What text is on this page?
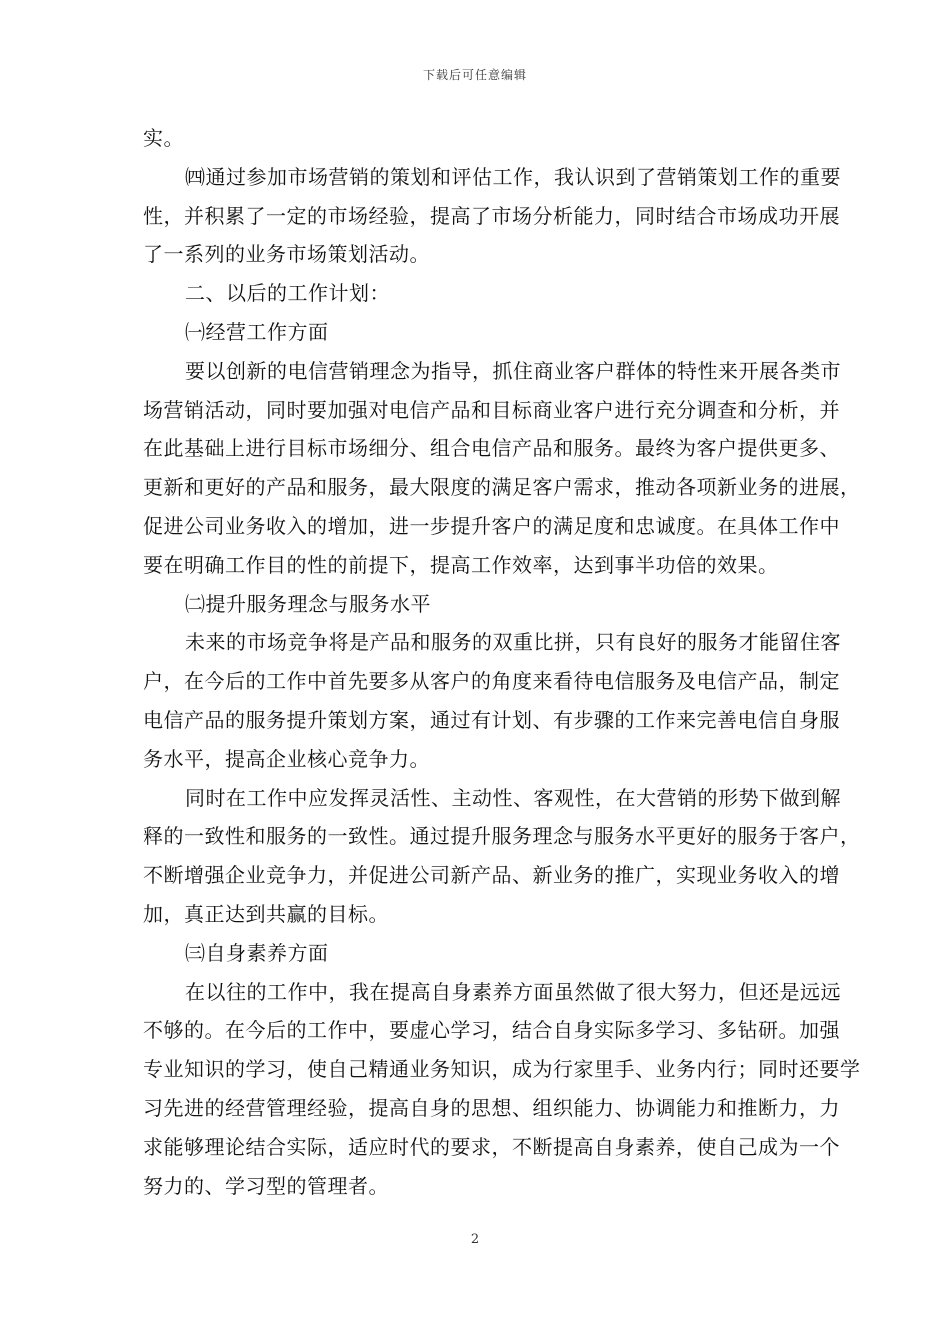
下载后可任意编辑
实。
㈣通过参加市场营销的策划和评估工作，我认识到了营销策划工作的重要
性，并积累了一定的市场经验，提高了市场分析能力，同时结合市场成功开展
了一系列的业务市场策划活动。
二、以后的工作计划：
㈠经营工作方面
要以创新的电信营销理念为指导，抓住商业客户群体的特性来开展各类市
场营销活动，同时要加强对电信产品和目标商业客户进行充分调查和分析，并
在此基础上进行目标市场细分、组合电信产品和服务。最终为客户提供更多、
更新和更好的产品和服务，最大限度的满足客户需求，推动各项新业务的进展，
促进公司业务收入的增加，进一步提升客户的满足度和忠诚度。在具体工作中
要在明确工作目的性的前提下，提高工作效率，达到事半功倍的效果。
㈡提升服务理念与服务水平
未来的市场竞争将是产品和服务的双重比拼，只有良好的服务才能留住客
户，在今后的工作中首先要多从客户的角度来看待电信服务及电信产品，制定
电信产品的服务提升策划方案，通过有计划、有步骤的工作来完善电信自身服
务水平，提高企业核心竞争力。
同时在工作中应发挥灵活性、主动性、客观性，在大营销的形势下做到解
释的一致性和服务的一致性。通过提升服务理念与服务水平更好的服务于客户，
不断增强企业竞争力，并促进公司新产品、新业务的推广，实现业务收入的增
加，真正达到共赢的目标。
㈢自身素养方面
在以往的工作中，我在提高自身素养方面虽然做了很大努力，但还是远远
不够的。在今后的工作中，要虚心学习，结合自身实际多学习、多钻研。加强
专业知识的学习，使自己精通业务知识，成为行家里手、业务内行；同时还要学
习先进的经营管理经验，提高自身的思想、组织能力、协调能力和推断力，力
求能够理论结合实际，适应时代的要求，不断提高自身素养，使自己成为一个
努力的、学习型的管理者。
2
